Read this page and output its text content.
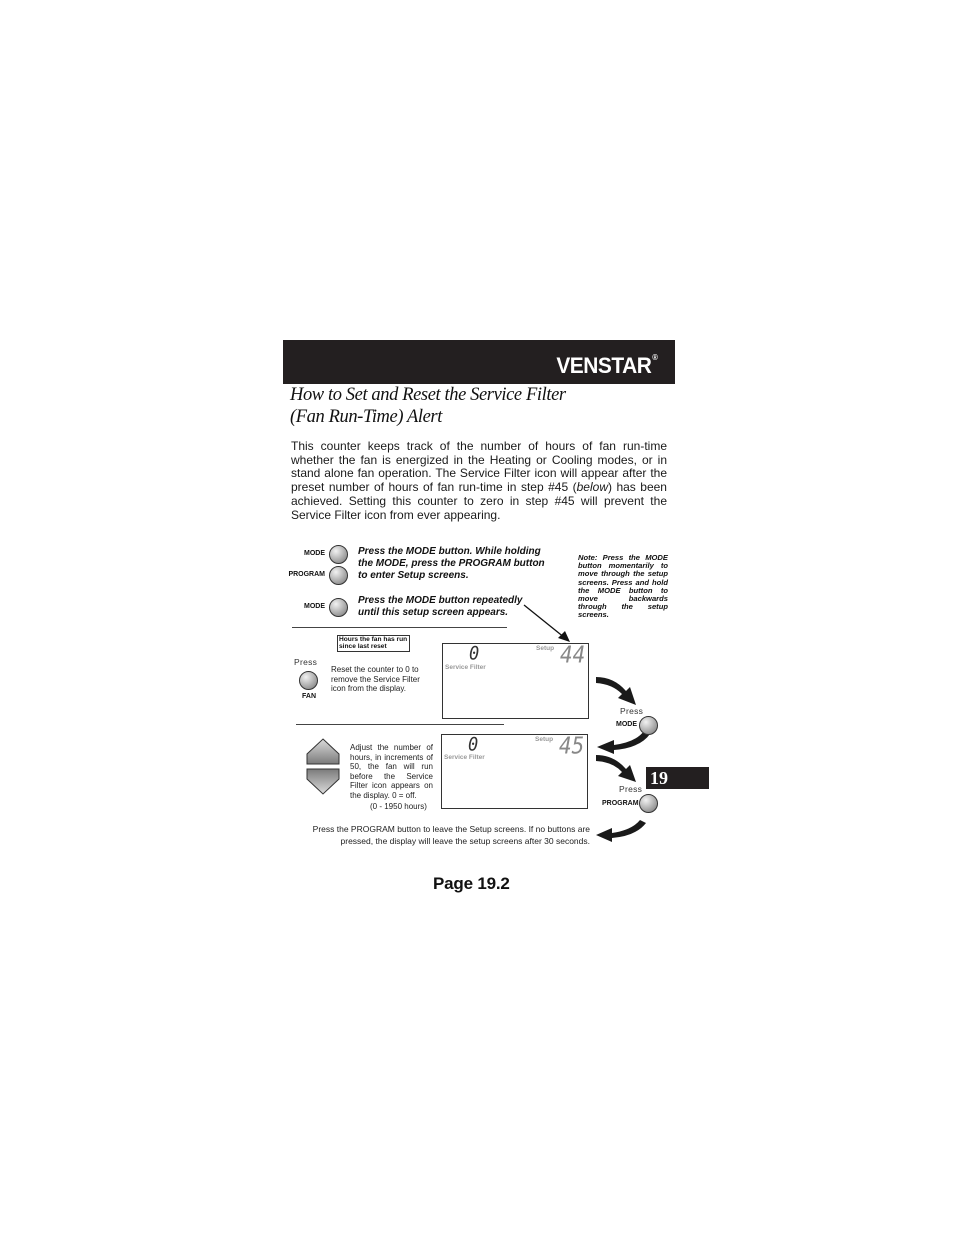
VENSTAR®
How to Set and Reset the Service Filter
(Fan Run-Time) Alert
This counter keeps track of the number of hours of fan run-time whether the fan is energized in the Heating or Cooling modes, or in stand alone fan operation. The Service Filter icon will appear after the preset number of hours of fan run-time in step #45 (below) has been achieved. Setting this counter to zero in step #45 will prevent the Service Filter icon from ever appearing.
MODE
PROGRAM
Press the MODE button. While holding the MODE, press the PROGRAM button to enter Setup screens.
MODE
Press the MODE button repeatedly until this setup screen appears.
Note: Press the MODE button momentarily to move through the setup screens. Press and hold the MODE button to move backwards through the setup screens.
Hours the fan has run since last reset
Press
FAN
Reset the counter to 0 to remove the Service Filter icon from the display.
0	Setup 44
Service Filter
Adjust the number of hours, in increments of 50, the fan will run before the Service Filter icon appears on the display. 0 = off.
(0 - 1950 hours)
0	Setup 45
Service Filter
Press
MODE
19
Press
PROGRAM
Press the PROGRAM button to leave the Setup screens. If no buttons are pressed, the display will leave the setup screens after 30 seconds.
Page 19.2
